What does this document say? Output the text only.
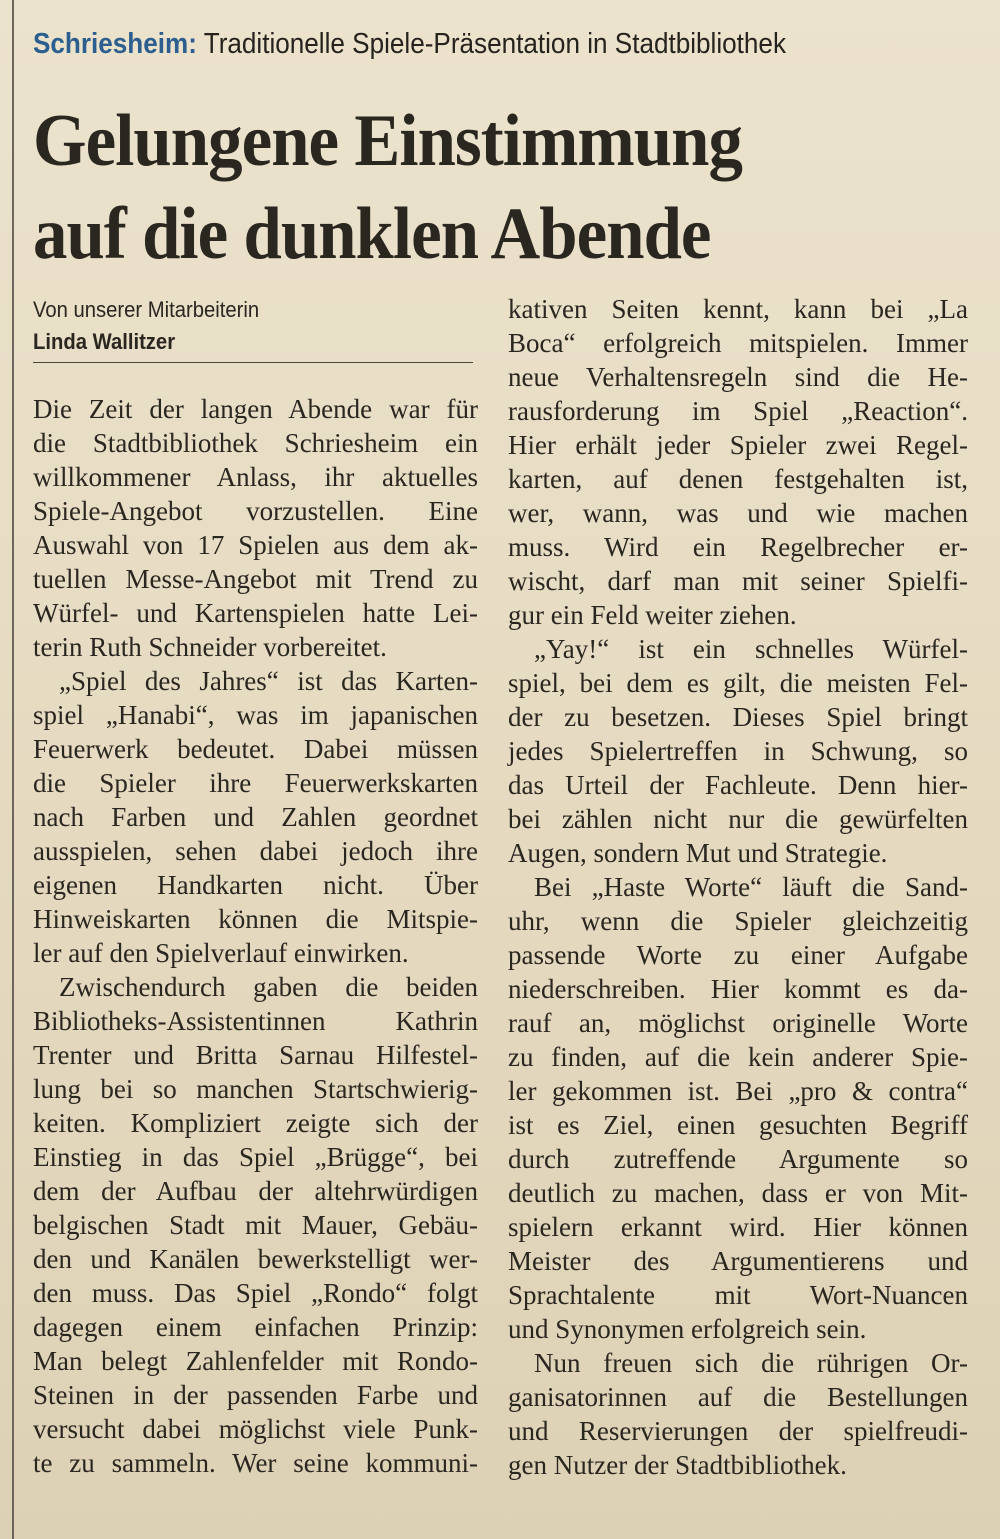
Schriesheim: Traditionelle Spiele-Präsentation in Stadtbibliothek
Gelungene Einstimmung
auf die dunklen Abende
Von unserer Mitarbeiterin
Linda Wallitzer
Die Zeit der langen Abende war für
die Stadtbibliothek Schriesheim ein
willkommener Anlass, ihr aktuelles
Spiele-Angebot vorzustellen. Eine
Auswahl von 17 Spielen aus dem ak-
tuellen Messe-Angebot mit Trend zu
Würfel- und Kartenspielen hatte Lei-
terin Ruth Schneider vorbereitet.
„Spiel des Jahres“ ist das Karten-
spiel „Hanabi“, was im japanischen
Feuerwerk bedeutet. Dabei müssen
die Spieler ihre Feuerwerkskarten
nach Farben und Zahlen geordnet
ausspielen, sehen dabei jedoch ihre
eigenen Handkarten nicht. Über
Hinweiskarten können die Mitspie-
ler auf den Spielverlauf einwirken.
Zwischendurch gaben die beiden
Bibliotheks-Assistentinnen Kathrin
Trenter und Britta Sarnau Hilfestel-
lung bei so manchen Startschwierig-
keiten. Kompliziert zeigte sich der
Einstieg in das Spiel „Brügge“, bei
dem der Aufbau der altehrwürdigen
belgischen Stadt mit Mauer, Gebäu-
den und Kanälen bewerkstelligt wer-
den muss. Das Spiel „Rondo“ folgt
dagegen einem einfachen Prinzip:
Man belegt Zahlenfelder mit Rondo-
Steinen in der passenden Farbe und
versucht dabei möglichst viele Punk-
te zu sammeln. Wer seine kommuni-
kativen Seiten kennt, kann bei „La
Boca“ erfolgreich mitspielen. Immer
neue Verhaltensregeln sind die He-
rausforderung im Spiel „Reaction“.
Hier erhält jeder Spieler zwei Regel-
karten, auf denen festgehalten ist,
wer, wann, was und wie machen
muss. Wird ein Regelbrecher er-
wischt, darf man mit seiner Spielfi-
gur ein Feld weiter ziehen.
„Yay!“ ist ein schnelles Würfel-
spiel, bei dem es gilt, die meisten Fel-
der zu besetzen. Dieses Spiel bringt
jedes Spielertreffen in Schwung, so
das Urteil der Fachleute. Denn hier-
bei zählen nicht nur die gewürfelten
Augen, sondern Mut und Strategie.
Bei „Haste Worte“ läuft die Sand-
uhr, wenn die Spieler gleichzeitig
passende Worte zu einer Aufgabe
niederschreiben. Hier kommt es da-
rauf an, möglichst originelle Worte
zu finden, auf die kein anderer Spie-
ler gekommen ist. Bei „pro & contra“
ist es Ziel, einen gesuchten Begriff
durch zutreffende Argumente so
deutlich zu machen, dass er von Mit-
spielern erkannt wird. Hier können
Meister des Argumentierens und
Sprachtalente mit Wort-Nuancen
und Synonymen erfolgreich sein.
Nun freuen sich die rührigen Or-
ganisatorinnen auf die Bestellungen
und Reservierungen der spielfreudi-
gen Nutzer der Stadtbibliothek.
